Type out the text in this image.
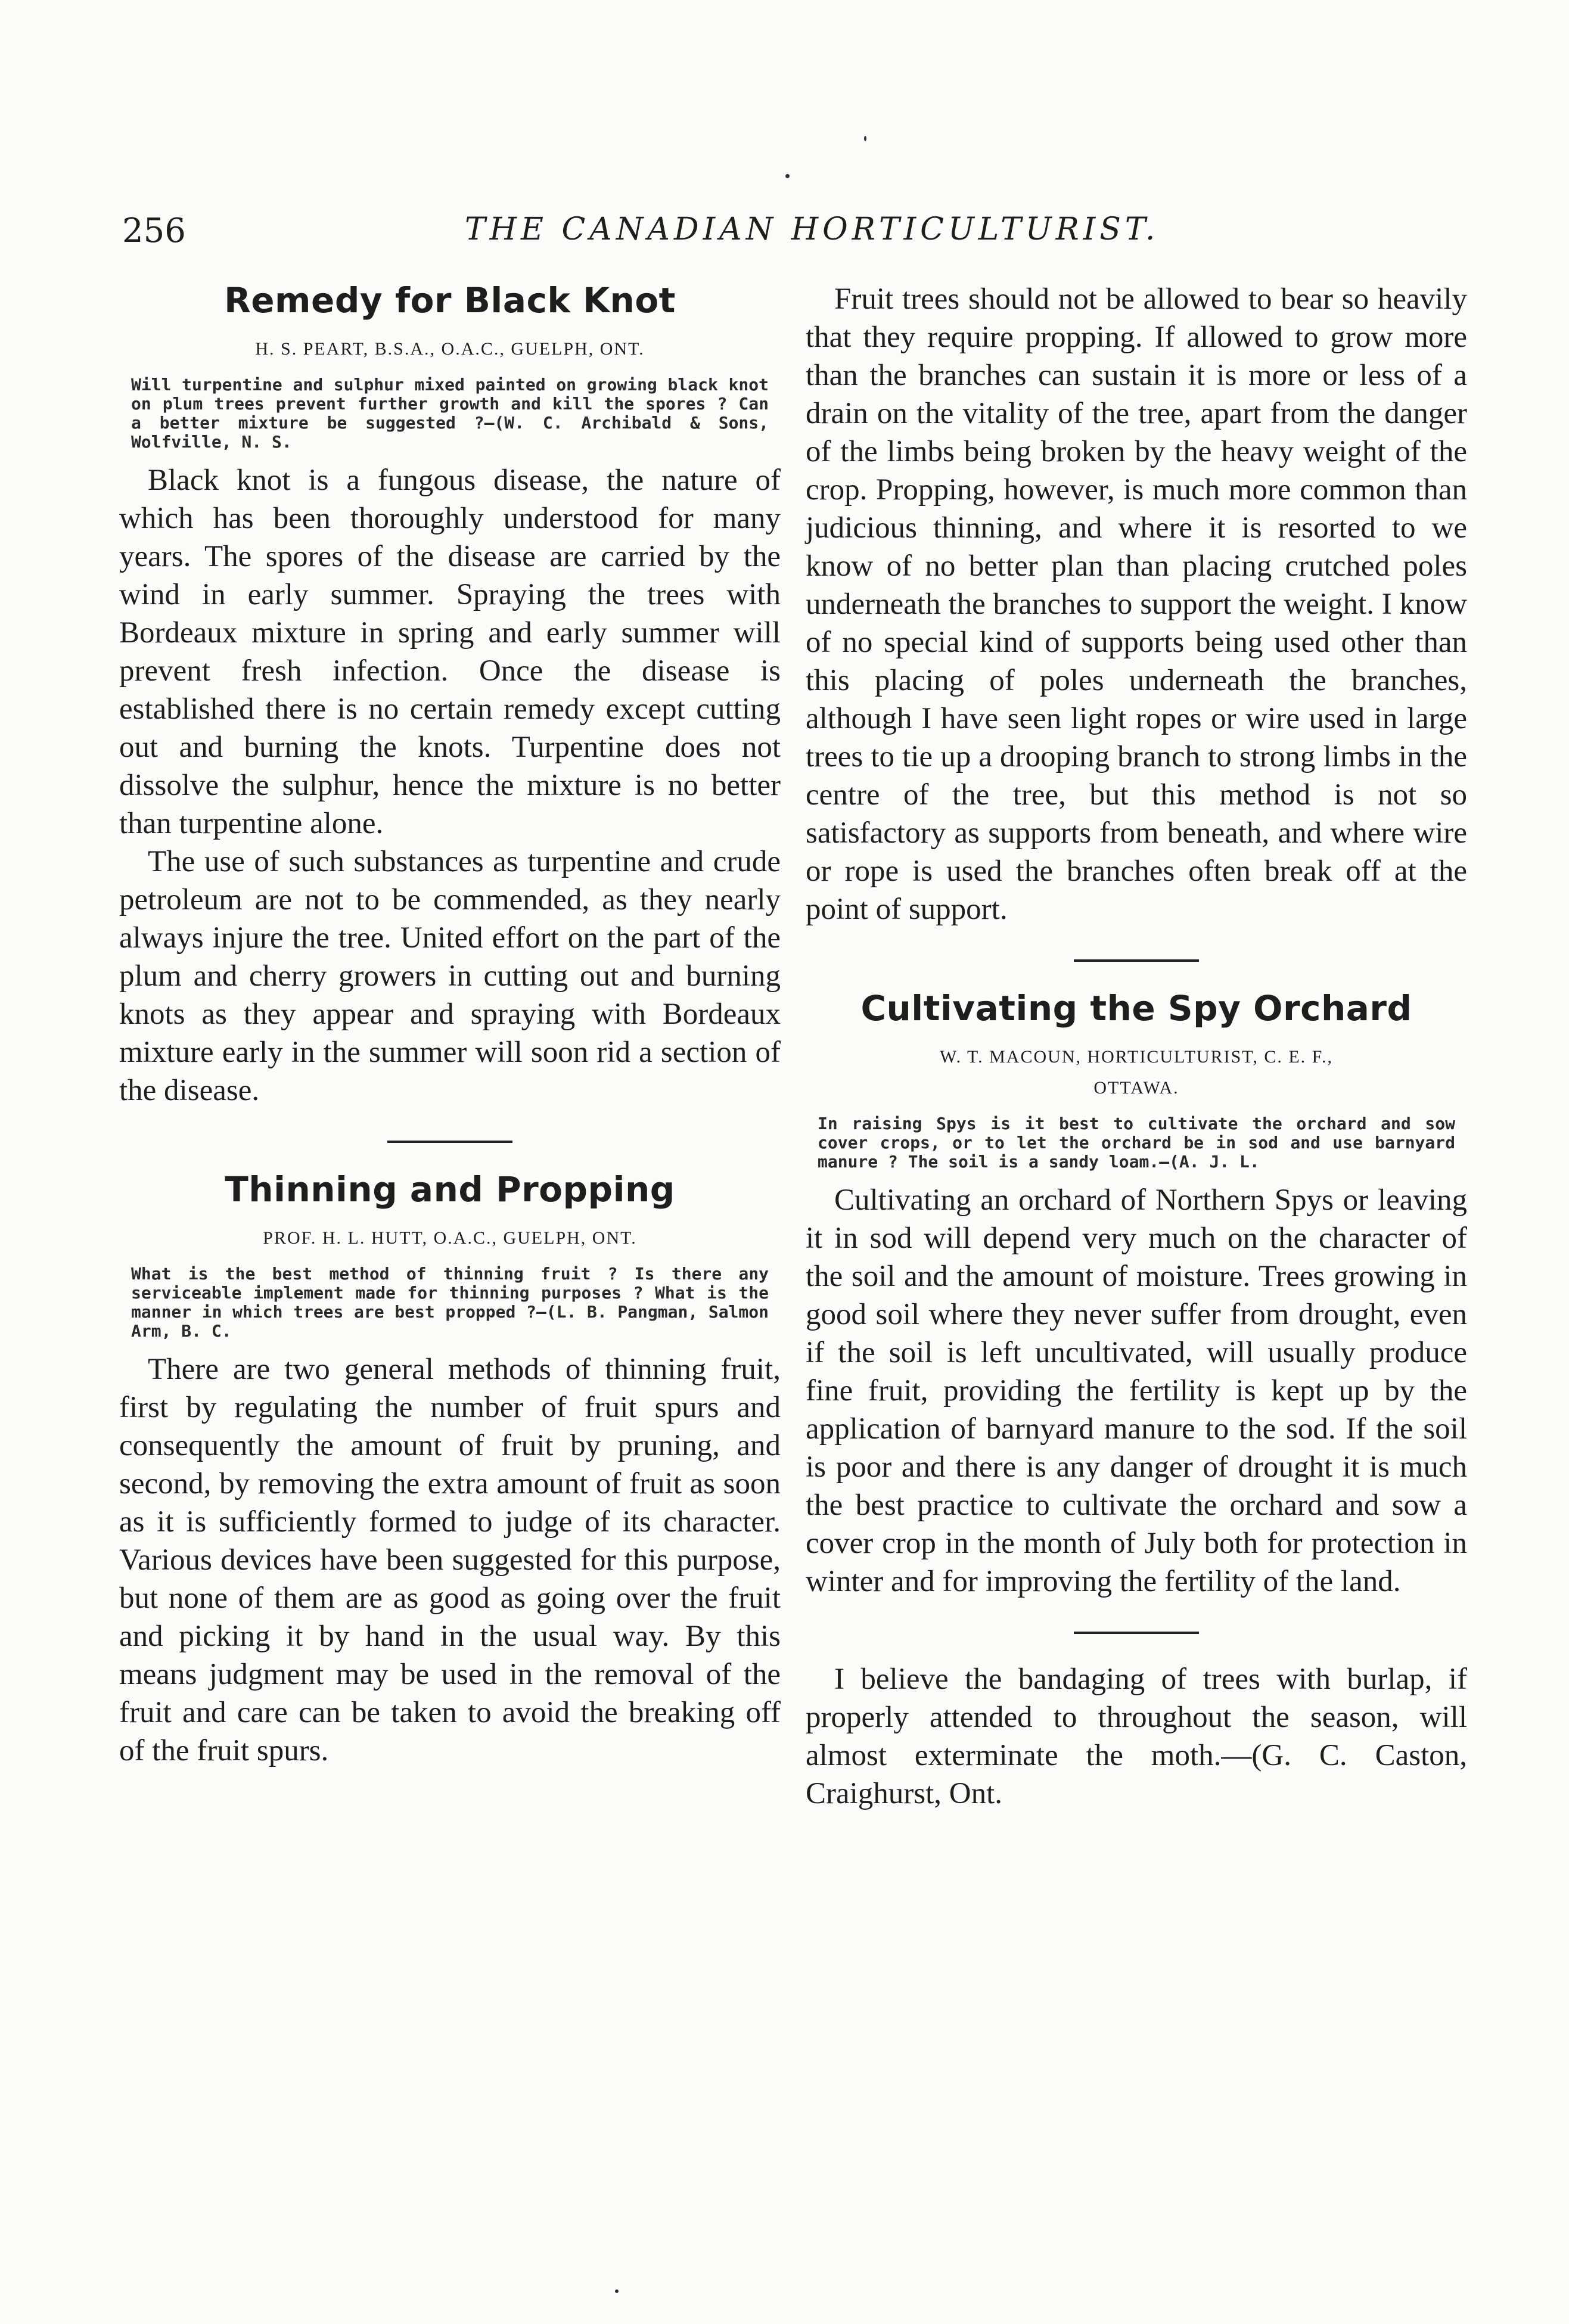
256	THE CANADIAN HORTICULTURIST.
Remedy for Black Knot

H. S. PEART, B.S.A., O.A.C., GUELPH, ONT.

Will turpentine and sulphur mixed painted on growing black knot on plum trees prevent further growth and kill the spores ? Can a better mixture be suggested ?—(W. C. Archibald & Sons, Wolfville, N. S.

Black knot is a fungous disease, the nature of which has been thoroughly understood for many years. The spores of the disease are carried by the wind in early summer. Spraying the trees with Bordeaux mixture in spring and early summer will prevent fresh infection. Once the disease is established there is no certain remedy except cutting out and burning the knots. Turpentine does not dissolve the sulphur, hence the mixture is no better than turpentine alone.

The use of such substances as turpentine and crude petroleum are not to be commended, as they nearly always injure the tree. United effort on the part of the plum and cherry growers in cutting out and burning knots as they appear and spraying with Bordeaux mixture early in the summer will soon rid a section of the disease.

Thinning and Propping

PROF. H. L. HUTT, O.A.C., GUELPH, ONT.

What is the best method of thinning fruit ? Is there any serviceable implement made for thinning purposes ? What is the manner in which trees are best propped ?—(L. B. Pangman, Salmon Arm, B. C.

There are two general methods of thinning fruit, first by regulating the number of fruit spurs and consequently the amount of fruit by pruning, and second, by removing the extra amount of fruit as soon as it is sufficiently formed to judge of its character. Various devices have been suggested for this purpose, but none of them are as good as going over the fruit and picking it by hand in the usual way. By this means judgment may be used in the removal of the fruit and care can be taken to avoid the breaking off of the fruit spurs.

Fruit trees should not be allowed to bear so heavily that they require propping. If allowed to grow more than the branches can sustain it is more or less of a drain on the vitality of the tree, apart from the danger of the limbs being broken by the heavy weight of the crop. Propping, however, is much more common than judicious thinning, and where it is resorted to we know of no better plan than placing crutched poles underneath the branches to support the weight. I know of no special kind of supports being used other than this placing of poles underneath the branches, although I have seen light ropes or wire used in large trees to tie up a drooping branch to strong limbs in the centre of the tree, but this method is not so satisfactory as supports from beneath, and where wire or rope is used the branches often break off at the point of support.

Cultivating the Spy Orchard

W. T. MACOUN, HORTICULTURIST, C. E. F.,

OTTAWA.

In raising Spys is it best to cultivate the orchard and sow cover crops, or to let the orchard be in sod and use barnyard manure ? The soil is a sandy loam.—(A. J. L.

Cultivating an orchard of Northern Spys or leaving it in sod will depend very much on the character of the soil and the amount of moisture. Trees growing in good soil where they never suffer from drought, even if the soil is left uncultivated, will usually produce fine fruit, providing the fertility is kept up by the application of barnyard manure to the sod. If the soil is poor and there is any danger of drought it is much the best practice to cultivate the orchard and sow a cover crop in the month of July both for protection in winter and for improving the fertility of the land.

I believe the bandaging of trees with burlap, if properly attended to throughout the season, will almost exterminate the moth.—(G. C. Caston, Craighurst, Ont.
